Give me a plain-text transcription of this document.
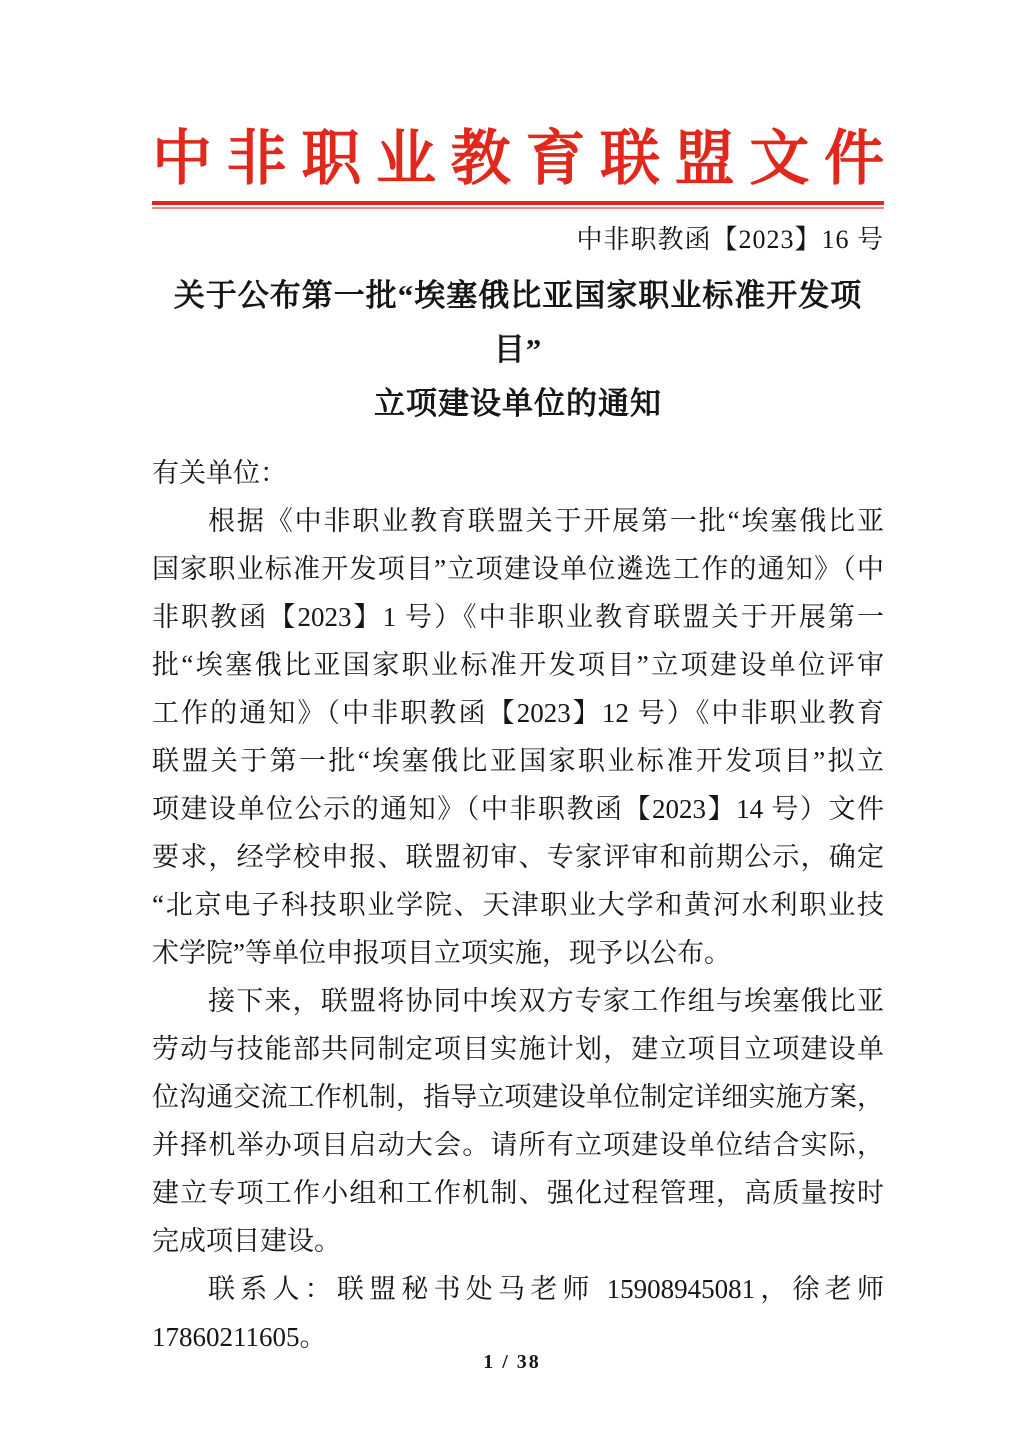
中非职业教育联盟文件
中非职教函【2023】16 号
关于公布第一批“埃塞俄比亚国家职业标准开发项目”
立项建设单位的通知
有关单位：
根据《中非职业教育联盟关于开展第一批“埃塞俄比亚
国家职业标准开发项目”立项建设单位遴选工作的通知》（中
非职教函【2023】1 号）《中非职业教育联盟关于开展第一
批“埃塞俄比亚国家职业标准开发项目”立项建设单位评审
工作的通知》（中非职教函【2023】12 号）《中非职业教育
联盟关于第一批“埃塞俄比亚国家职业标准开发项目”拟立
项建设单位公示的通知》（中非职教函【2023】14 号）文件
要求，经学校申报、联盟初审、专家评审和前期公示，确定
“北京电子科技职业学院、天津职业大学和黄河水利职业技
术学院”等单位申报项目立项实施，现予以公布。
接下来，联盟将协同中埃双方专家工作组与埃塞俄比亚
劳动与技能部共同制定项目实施计划，建立项目立项建设单
位沟通交流工作机制，指导立项建设单位制定详细实施方案，
并择机举办项目启动大会。请所有立项建设单位结合实际，
建立专项工作小组和工作机制、强化过程管理，高质量按时
完成项目建设。
联系人：联盟秘书处马老师 15908945081，徐老师
17860211605。
1 / 38
